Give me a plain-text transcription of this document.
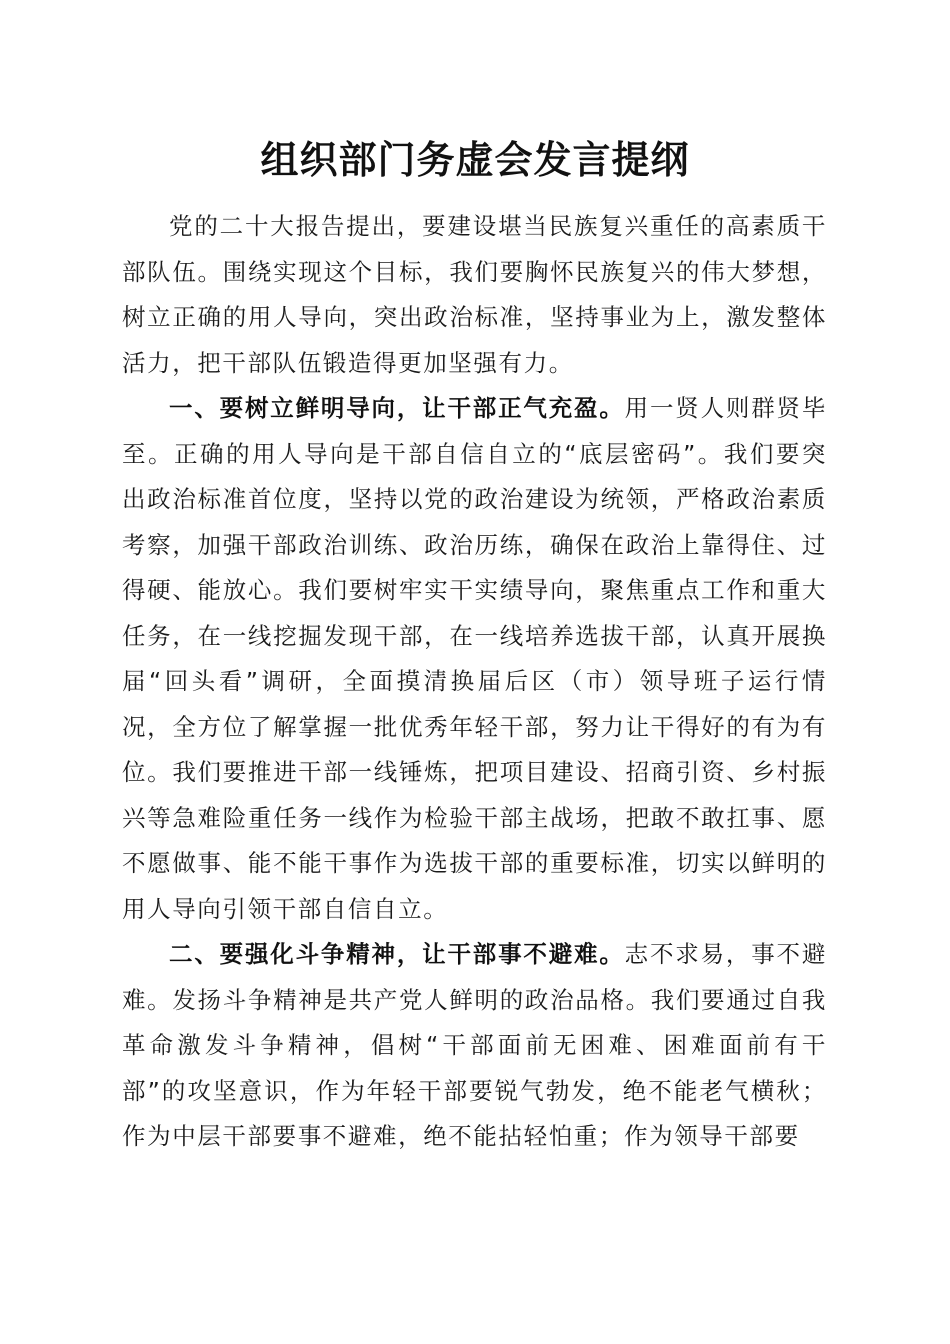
组织部门务虚会发言提纲

党的二十大报告提出，要建设堪当民族复兴重任的高素质干部队伍。围绕实现这个目标，我们要胸怀民族复兴的伟大梦想，树立正确的用人导向，突出政治标准，坚持事业为上，激发整体活力，把干部队伍锻造得更加坚强有力。

一、要树立鲜明导向，让干部正气充盈。用一贤人则群贤毕至。正确的用人导向是干部自信自立的“底层密码”。我们要突出政治标准首位度，坚持以党的政治建设为统领，严格政治素质考察，加强干部政治训练、政治历练，确保在政治上靠得住、过得硬、能放心。我们要树牢实干实绩导向，聚焦重点工作和重大任务，在一线挖掘发现干部，在一线培养选拔干部，认真开展换届“回头看”调研，全面摸清换届后区（市）领导班子运行情况，全方位了解掌握一批优秀年轻干部，努力让干得好的有为有位。我们要推进干部一线锤炼，把项目建设、招商引资、乡村振兴等急难险重任务一线作为检验干部主战场，把敢不敢扛事、愿不愿做事、能不能干事作为选拔干部的重要标准，切实以鲜明的用人导向引领干部自信自立。

二、要强化斗争精神，让干部事不避难。志不求易，事不避难。发扬斗争精神是共产党人鲜明的政治品格。我们要通过自我革命激发斗争精神，倡树“干部面前无困难、困难面前有干部”的攻坚意识，作为年轻干部要锐气勃发，绝不能老气横秋；作为中层干部要事不避难，绝不能拈轻怕重；作为领导干部要
